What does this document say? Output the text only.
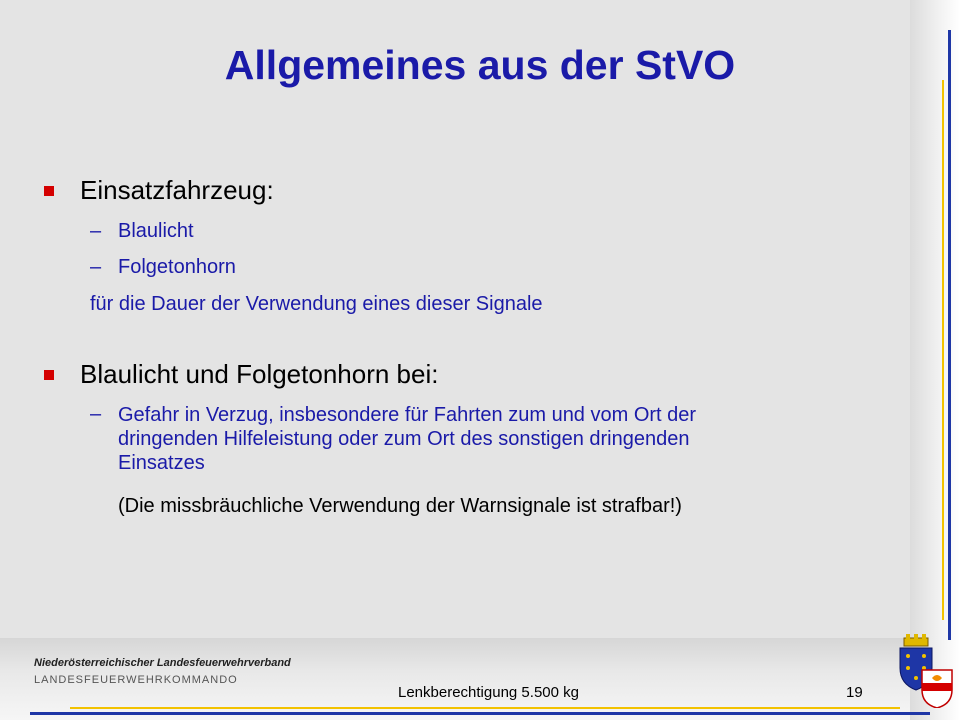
Allgemeines aus der StVO
Einsatzfahrzeug:
– Blaulicht
– Folgetonhorn
für die Dauer der Verwendung eines dieser Signale
Blaulicht und Folgetonhorn bei:
– Gefahr in Verzug, insbesondere für Fahrten zum und vom Ort der
dringenden Hilfeleistung oder zum Ort des sonstigen dringenden
Einsatzes
(Die missbräuchliche Verwendung der Warnsignale ist strafbar!)
Niederösterreichischer Landesfeuerwehrverband
LANDESFEUERWEHRKOMMANDO
Lenkberechtigung 5.500 kg	19
